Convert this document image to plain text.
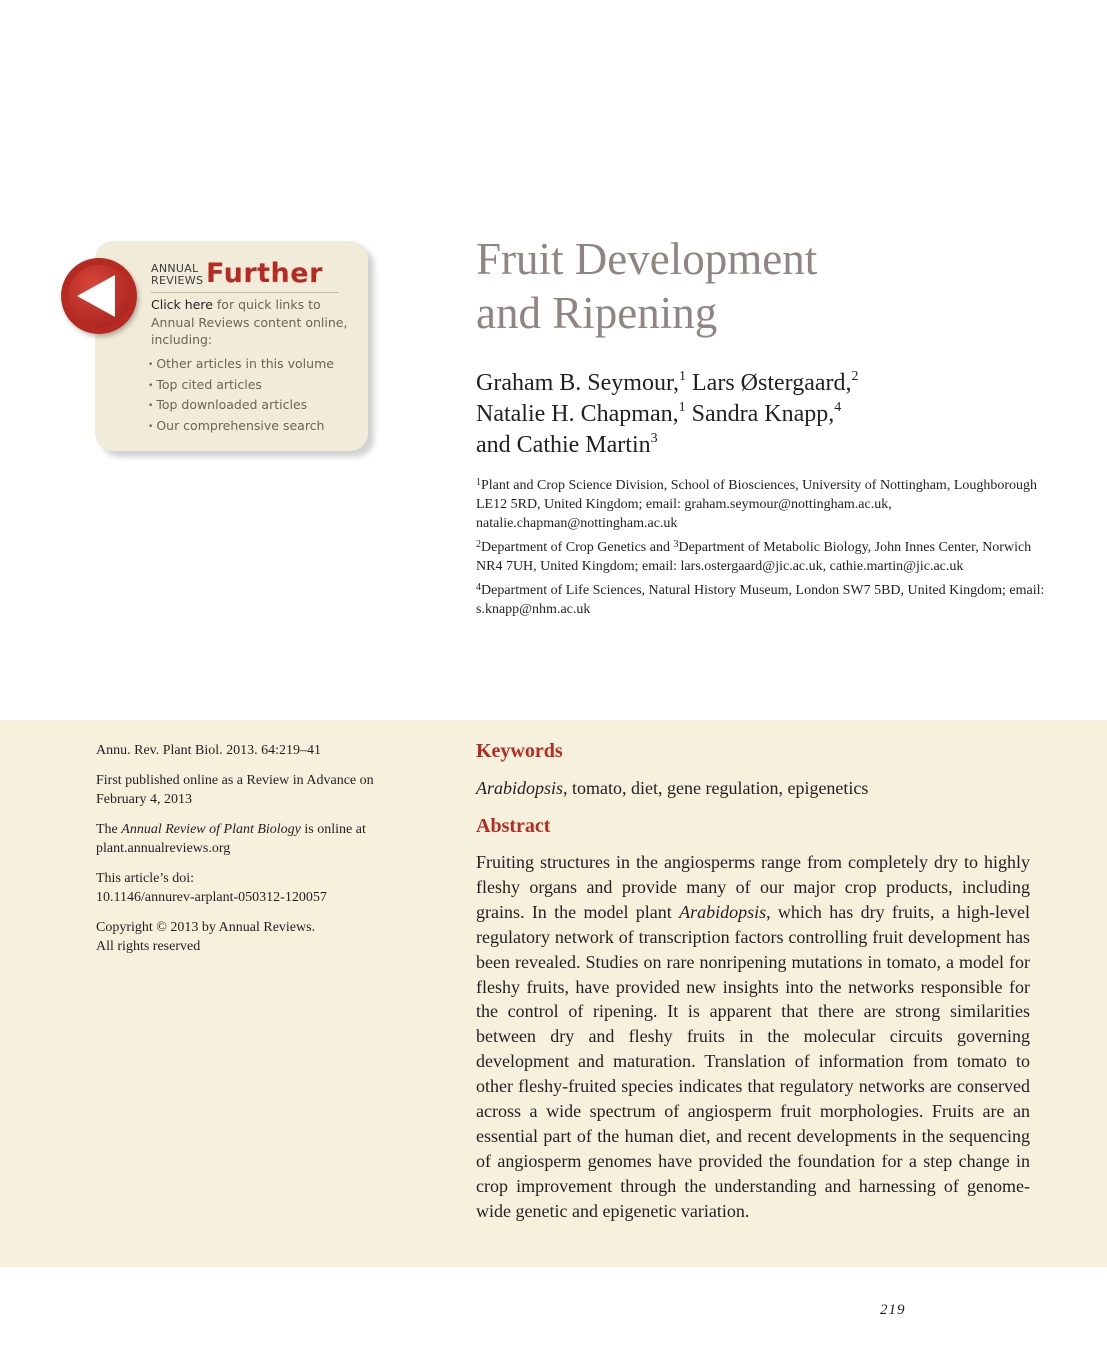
ANNUAL
REVIEWS Further
Click here for quick links to Annual Reviews content online, including:
• Other articles in this volume
• Top cited articles
• Top downloaded articles
• Our comprehensive search
Fruit Development
and Ripening
Graham B. Seymour,$^1$ Lars Østergaard,$^2$
Natalie H. Chapman,$^1$ Sandra Knapp,$^4$
and Cathie Martin$^3$

$^1$Plant and Crop Science Division, School of Biosciences, University of Nottingham, Loughborough LE12 5RD, United Kingdom; email: graham.seymour@nottingham.ac.uk, natalie.chapman@nottingham.ac.uk

$^2$Department of Crop Genetics and $^3$Department of Metabolic Biology, John Innes Center, Norwich NR4 7UH, United Kingdom; email: lars.ostergaard@jic.ac.uk, cathie.martin@jic.ac.uk

$^4$Department of Life Sciences, Natural History Museum, London SW7 5BD, United Kingdom; email: s.knapp@nhm.ac.uk

Annu. Rev. Plant Biol. 2013. 64:219–41

First published online as a Review in Advance on February 4, 2013

The Annual Review of Plant Biology is online at plant.annualreviews.org

This article’s doi:
10.1146/annurev-arplant-050312-120057

Copyright © 2013 by Annual Reviews.
All rights reserved

Keywords
Arabidopsis, tomato, diet, gene regulation, epigenetics
Abstract

Fruiting structures in the angiosperms range from completely dry to highly fleshy organs and provide many of our major crop products, including grains. In the model plant Arabidopsis, which has dry fruits, a high-level regulatory network of transcription factors controlling fruit development has been revealed. Studies on rare nonripening mutations in tomato, a model for fleshy fruits, have provided new insights into the networks responsible for the control of ripening. It is apparent that there are strong similarities between dry and fleshy fruits in the molecular circuits governing development and maturation. Translation of information from tomato to other fleshy-fruited species indicates that regulatory networks are conserved across a wide spectrum of angiosperm fruit morphologies. Fruits are an essential part of the human diet, and recent developments in the sequencing of angiosperm genomes have provided the foundation for a step change in crop improvement through the understanding and harnessing of genome-wide genetic and epigenetic variation.

219
